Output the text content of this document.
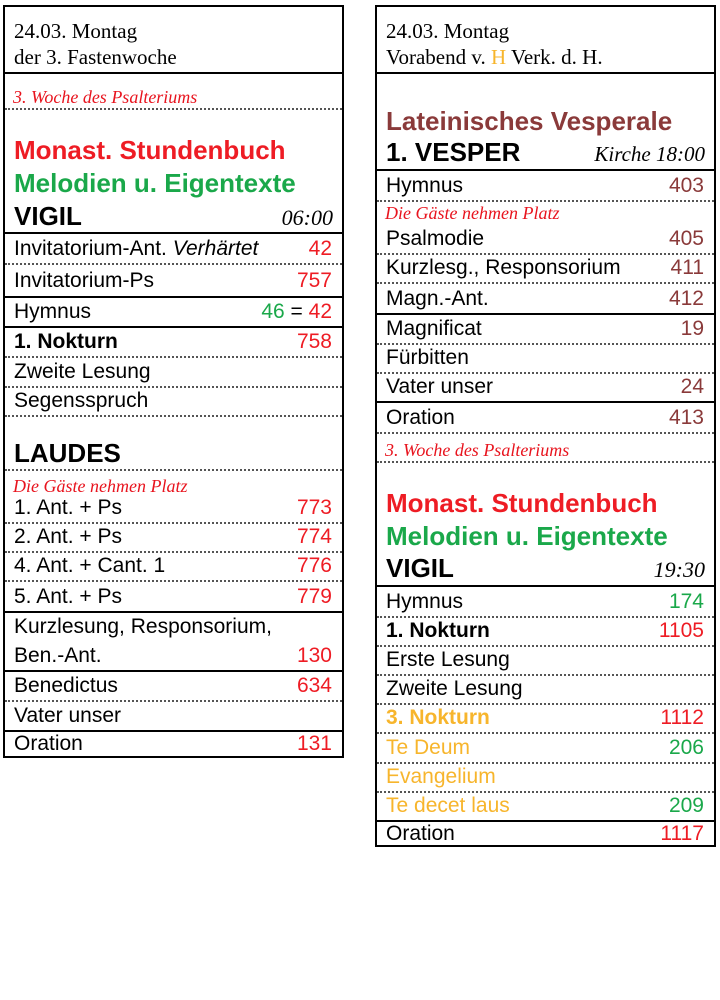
24.03. Montag
der 3. Fastenwoche
3. Woche des Psalteriums
Monast. Stundenbuch
Melodien u. Eigentexte
VIGIL	06:00
Invitatorium-Ant. Verhärtet 42
Invitatorium-Ps	757
Hymnus	46 = 42
1. Nokturn	758
Zweite Lesung
Segensspruch
LAUDES
Die Gäste nehmen Platz
1. Ant. + Ps	773
2. Ant. + Ps	774
4. Ant. + Cant. 1	776
5. Ant. + Ps	779
Kurzlesung, Responsorium,
Ben.-Ant.	130
Benedictus	634
Vater unser
Oration	131
24.03. Montag
Vorabend v. H Verk. d. H.
Lateinisches Vesperale
1. VESPER	Kirche 18:00
Hymnus	403
Die Gäste nehmen Platz
Psalmodie	405
Kurzlesg., Responsorium 411
Magn.-Ant.	412
Magnificat	19
Fürbitten
Vater unser	24
Oration	413
3. Woche des Psalteriums
Monast. Stundenbuch
Melodien u. Eigentexte
VIGIL	19:30
Hymnus	174
1. Nokturn	1105
Erste Lesung
Zweite Lesung
3. Nokturn	1112
Te Deum	206
Evangelium
Te decet laus	209
Oration	1117
